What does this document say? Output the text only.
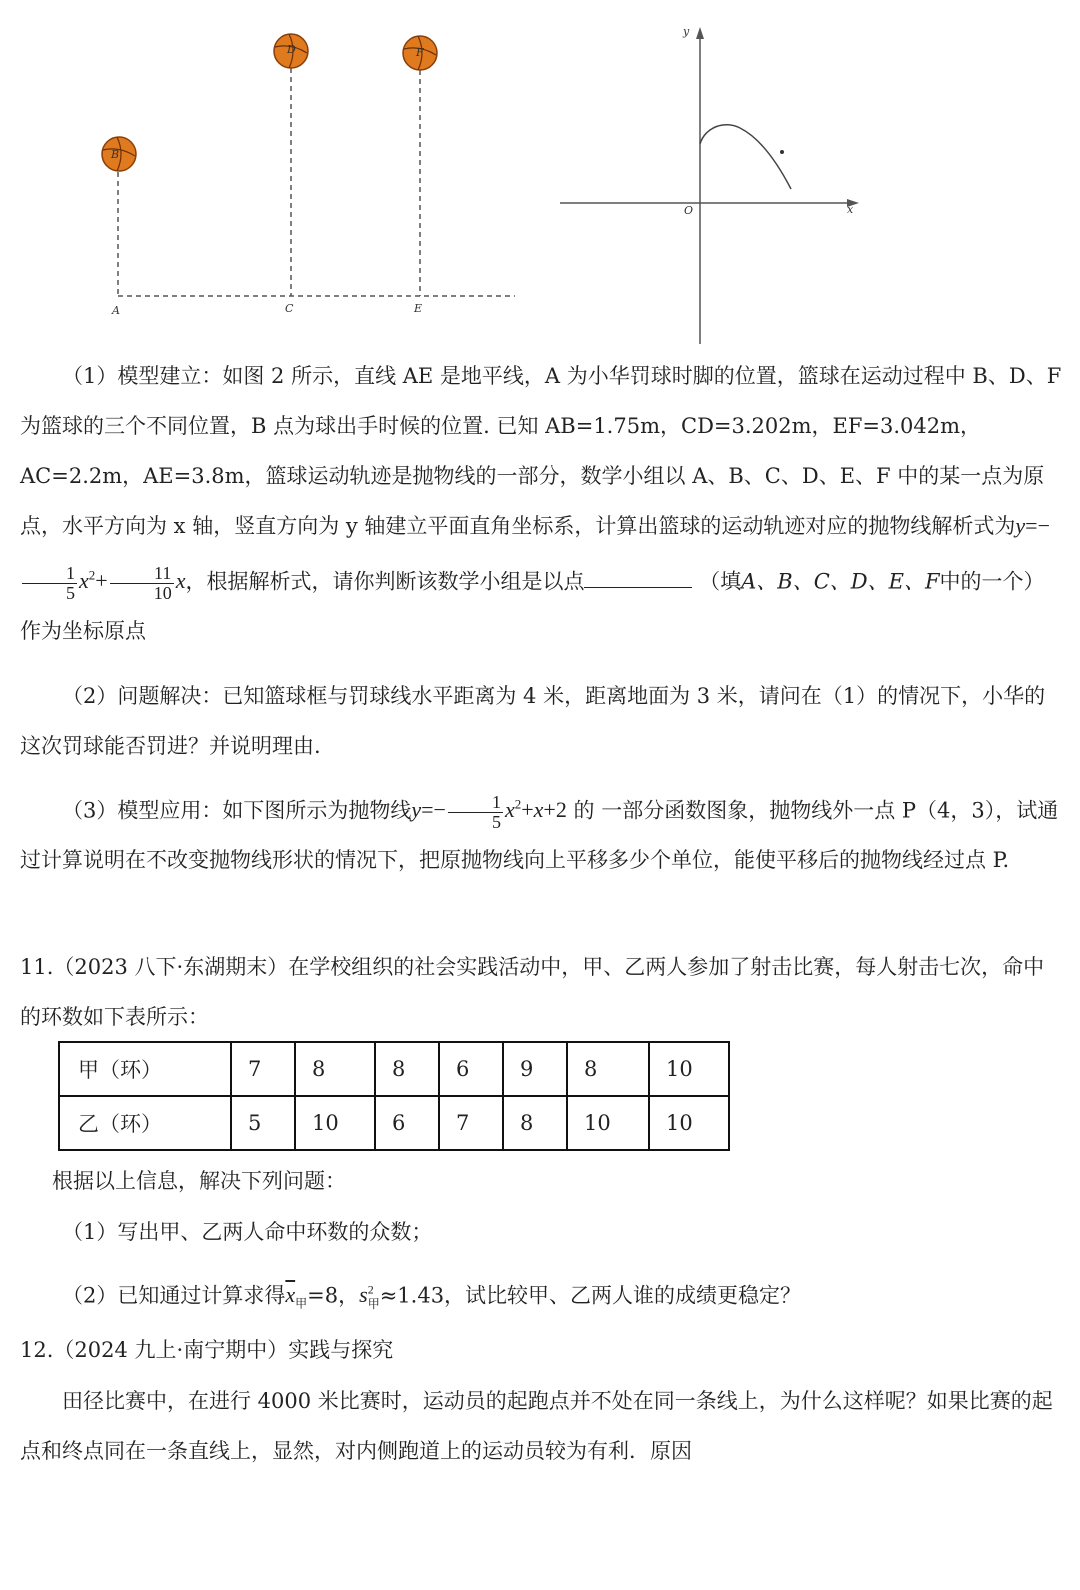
B
D	F
A	C	E
y
x
O

（1）模型建立：如图 2 所示，直线 AE 是地平线，A 为小华罚球时脚的位置，篮球在运动过程中 B、D、F 为篮球的三个不同位置，B 点为球出手时候的位置. 已知 AB=1.75m，CD=3.202m，EF=3.042m，AC=2.2m，AE=3.8m，篮球运动轨迹是抛物线的一部分，数学小组以 A、B、C、D、E、F 中的某一点为原点，水平方向为 x 轴，竖直方向为 y 轴建立平面直角坐标系，计算出篮球的运动轨迹对应的抛物线解析式为y=−
$\frac{1}{5} x^2+ \frac{11}{10}$ x，根据解析式，请你判断该数学小组是以点	（填A、B、C、D、E、F中的一个）作为坐标原点

（2）问题解决：已知篮球框与罚球线水平距离为 4 米，距离地面为 3 米，请问在（1）的情况下，小华的这次罚球能否罚进？并说明理由.

（3）模型应用：如下图所示为抛物线$y=- \frac{1}{5} x^2+x+2$ 的 一部分函数图象，抛物线外一点 P（4，3），试通过计算说明在不改变抛物线形状的情况下，把原抛物线向上平移多少个单位，能使平移后的抛物线经过点 P.

11.（2023 八下·东湖期末）在学校组织的社会实践活动中，甲、乙两人参加了射击比赛，每人射击七次，命中的环数如下表所示：

甲（环）	7	8	8	6	9	8	10
乙（环）	5	10	6	7	8	10	10

根据以上信息，解决下列问题：

（1）写出甲、乙两人命中环数的众数；

（2）已知通过计算求得$\overline{x}_甲=8$，$s^2_甲\approx 1.43$，试比较甲、乙两人谁的成绩更稳定？

12.（2024 九上·南宁期中）实践与探究

田径比赛中，在进行 4000 米比赛时，运动员的起跑点并不处在同一条线上，为什么这样呢？如果比赛的起点和终点同在一条直线上，显然，对内侧跑道上的运动员较为有利．原因
